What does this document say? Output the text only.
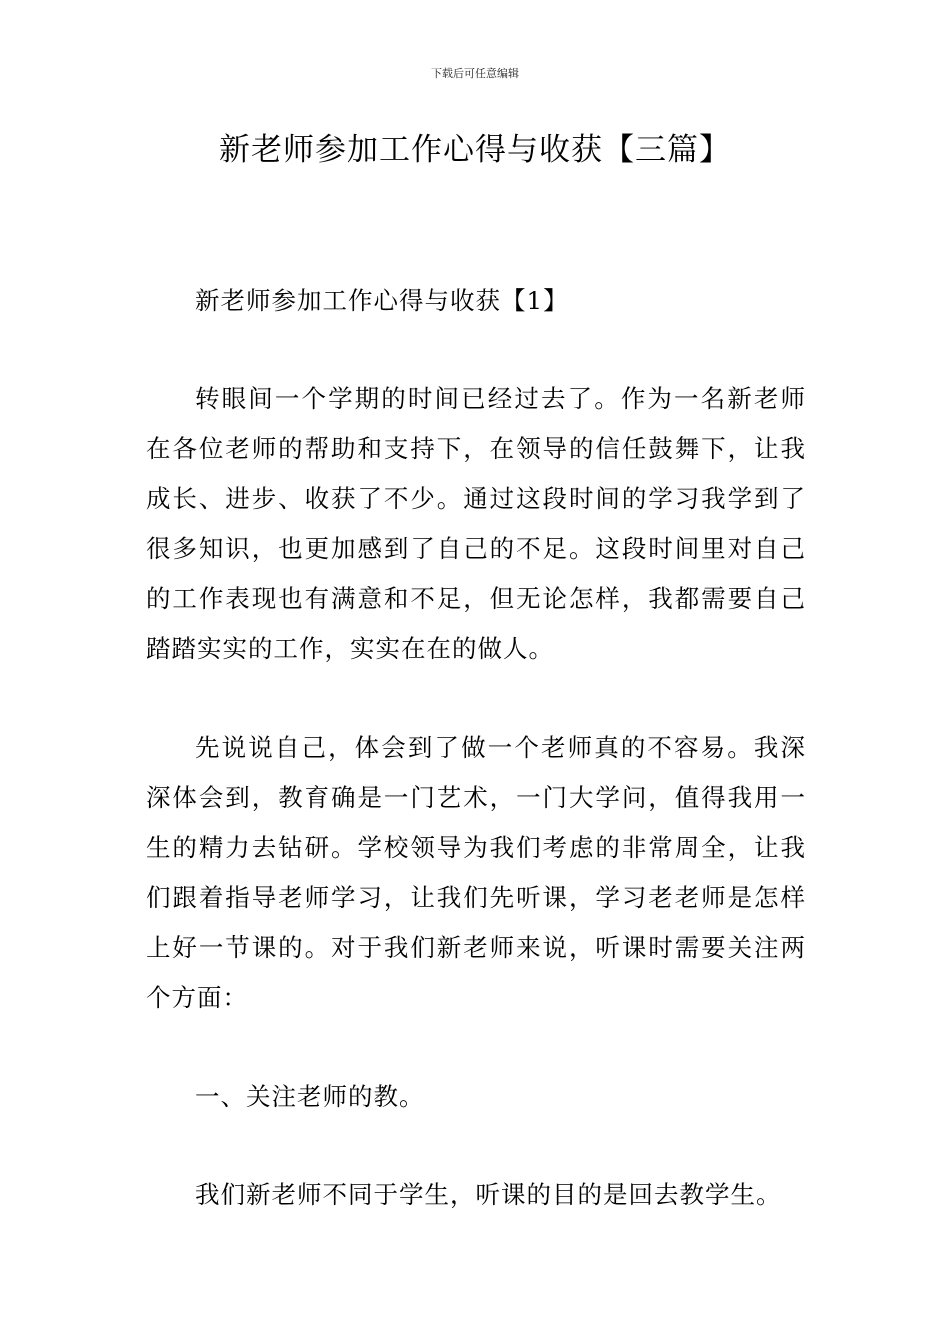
下载后可任意编辑
新老师参加工作心得与收获【三篇】

新老师参加工作心得与收获【1】

转眼间一个学期的时间已经过去了。作为一名新老师在各位老师的帮助和支持下，在领导的信任鼓舞下，让我成长、进步、收获了不少。通过这段时间的学习我学到了很多知识，也更加感到了自己的不足。这段时间里对自己的工作表现也有满意和不足，但无论怎样，我都需要自己踏踏实实的工作，实实在在的做人。

先说说自己，体会到了做一个老师真的不容易。我深深体会到，教育确是一门艺术，一门大学问，值得我用一生的精力去钻研。学校领导为我们考虑的非常周全，让我们跟着指导老师学习，让我们先听课，学习老老师是怎样上好一节课的。对于我们新老师来说，听课时需要关注两个方面：

一、关注老师的教。

我们新老师不同于学生，听课的目的是回去教学生。
